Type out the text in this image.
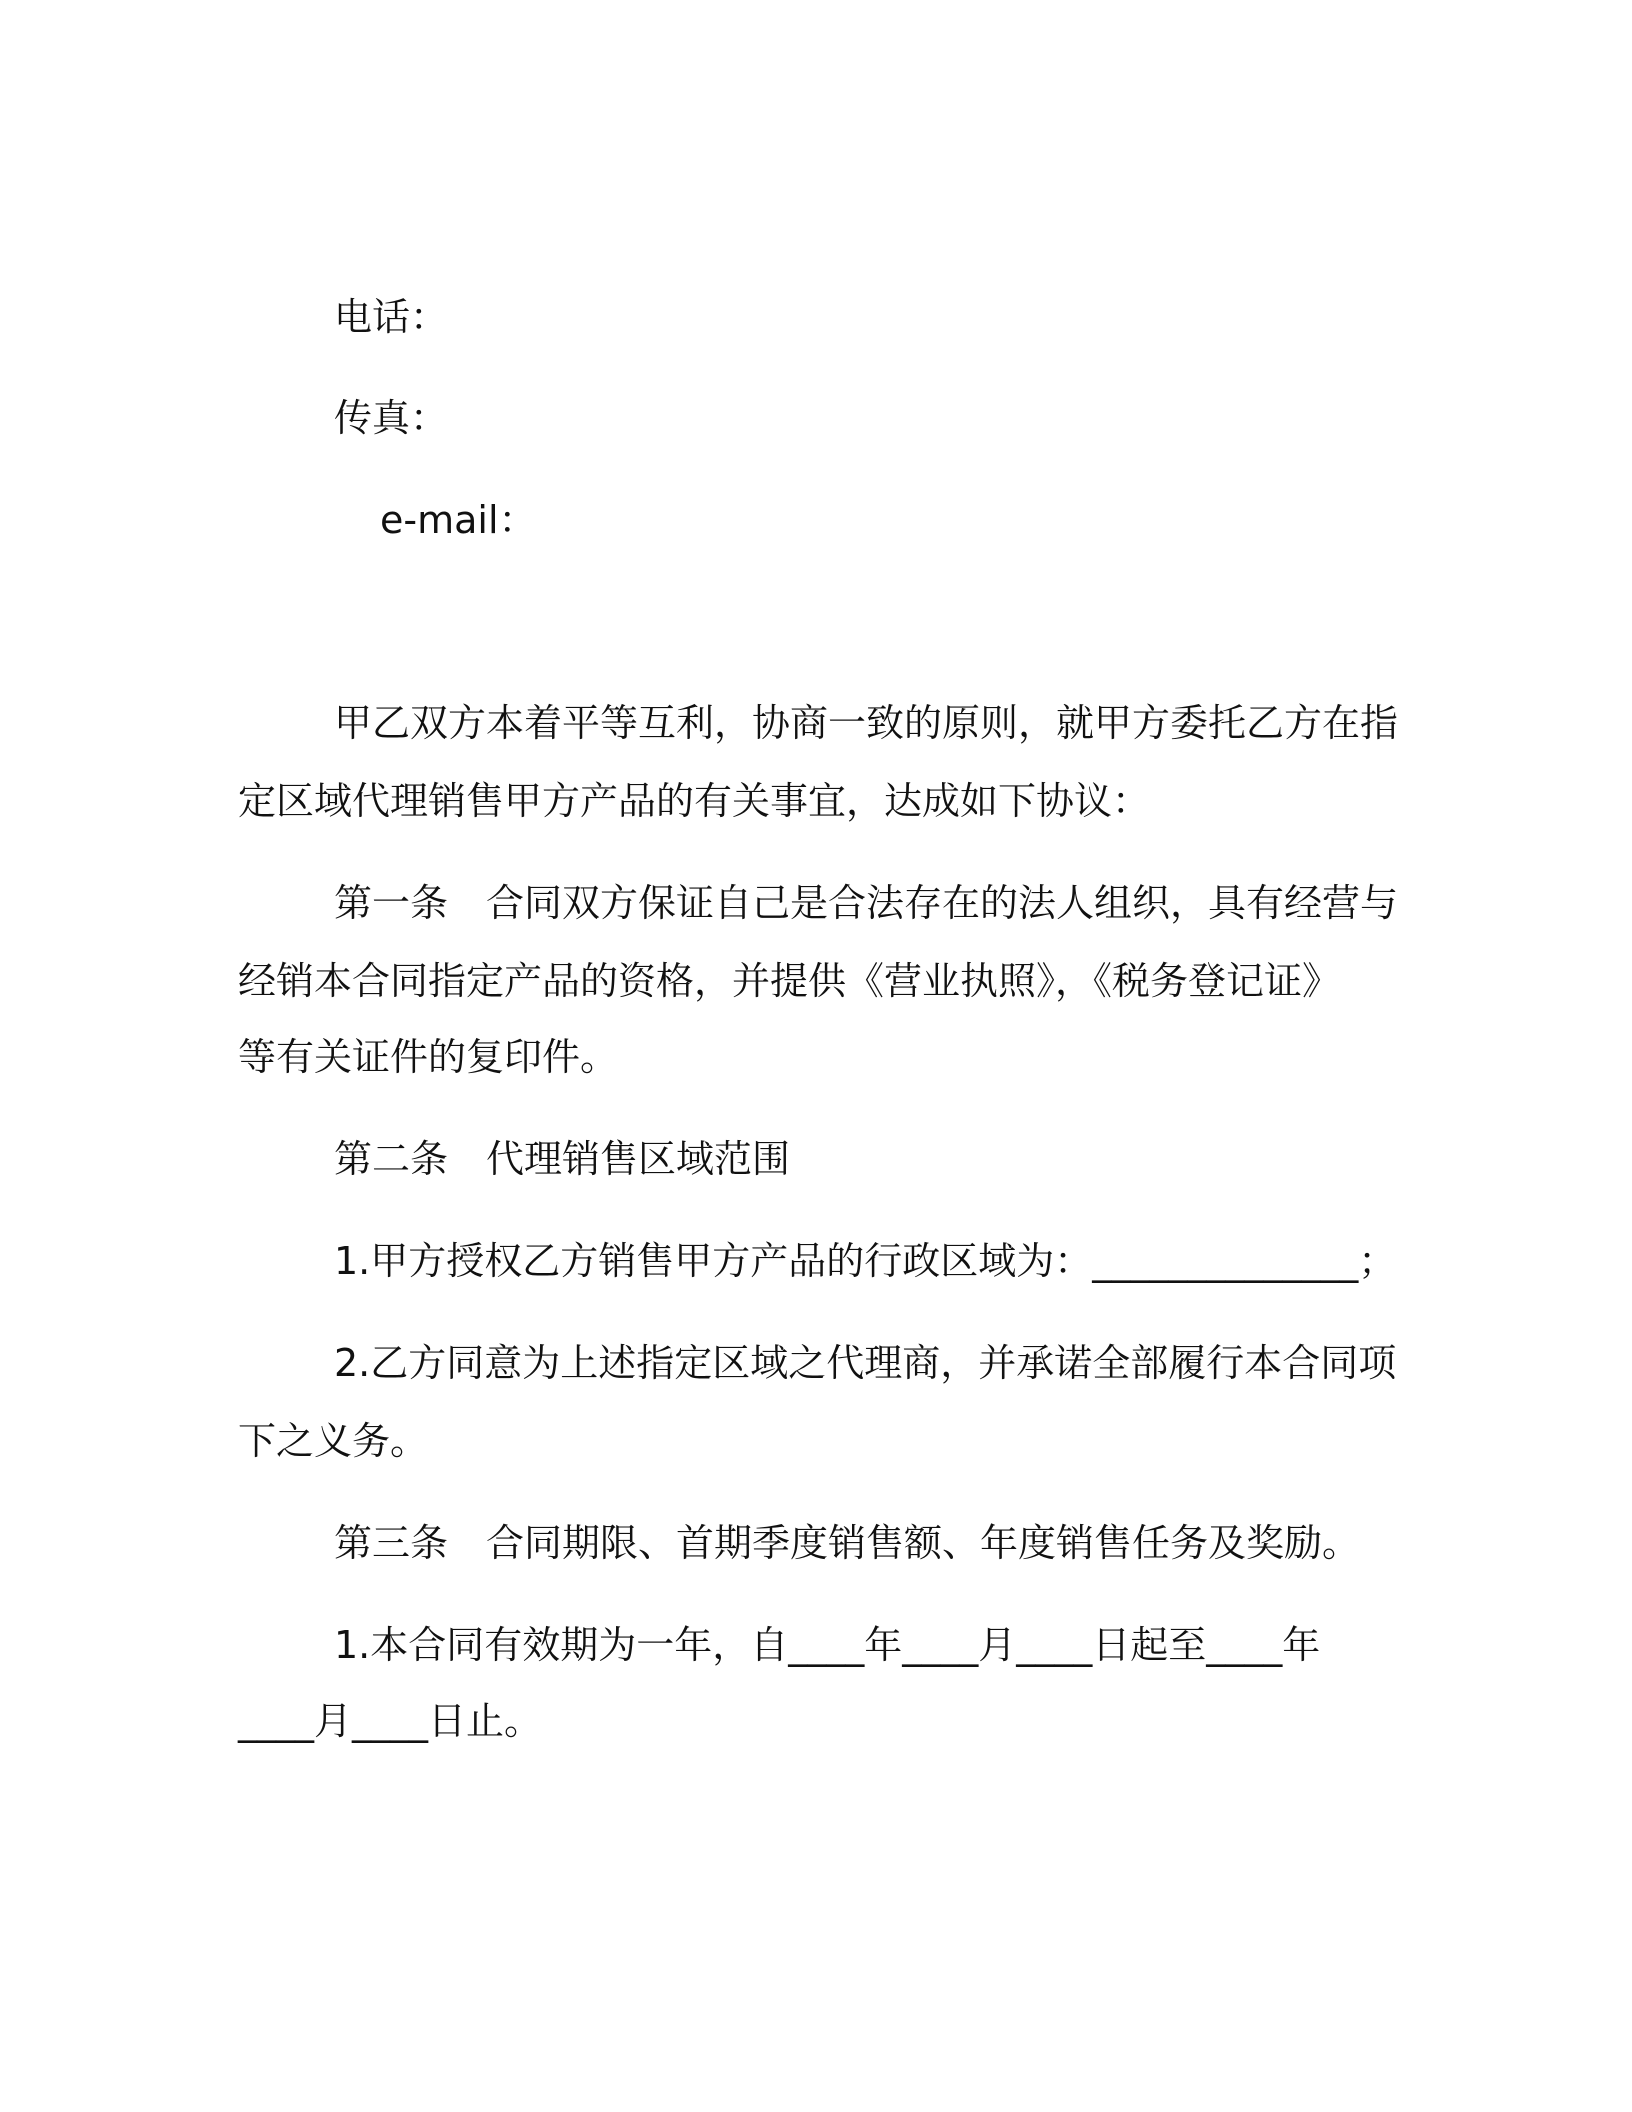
电话：
传真：
e-mail：
甲乙双方本着平等互利，协商一致的原则，就甲方委托乙方在指
定区域代理销售甲方产品的有关事宜，达成如下协议：
第一条　合同双方保证自己是合法存在的法人组织，具有经营与
经销本合同指定产品的资格，并提供《营业执照》，《税务登记证》
等有关证件的复印件。
第二条　代理销售区域范围
1.甲方授权乙方销售甲方产品的行政区域为：______________；
2.乙方同意为上述指定区域之代理商，并承诺全部履行本合同项
下之义务。
第三条　合同期限、首期季度销售额、年度销售任务及奖励。
1.本合同有效期为一年，自____年____月____日起至____年
____月____日止。
